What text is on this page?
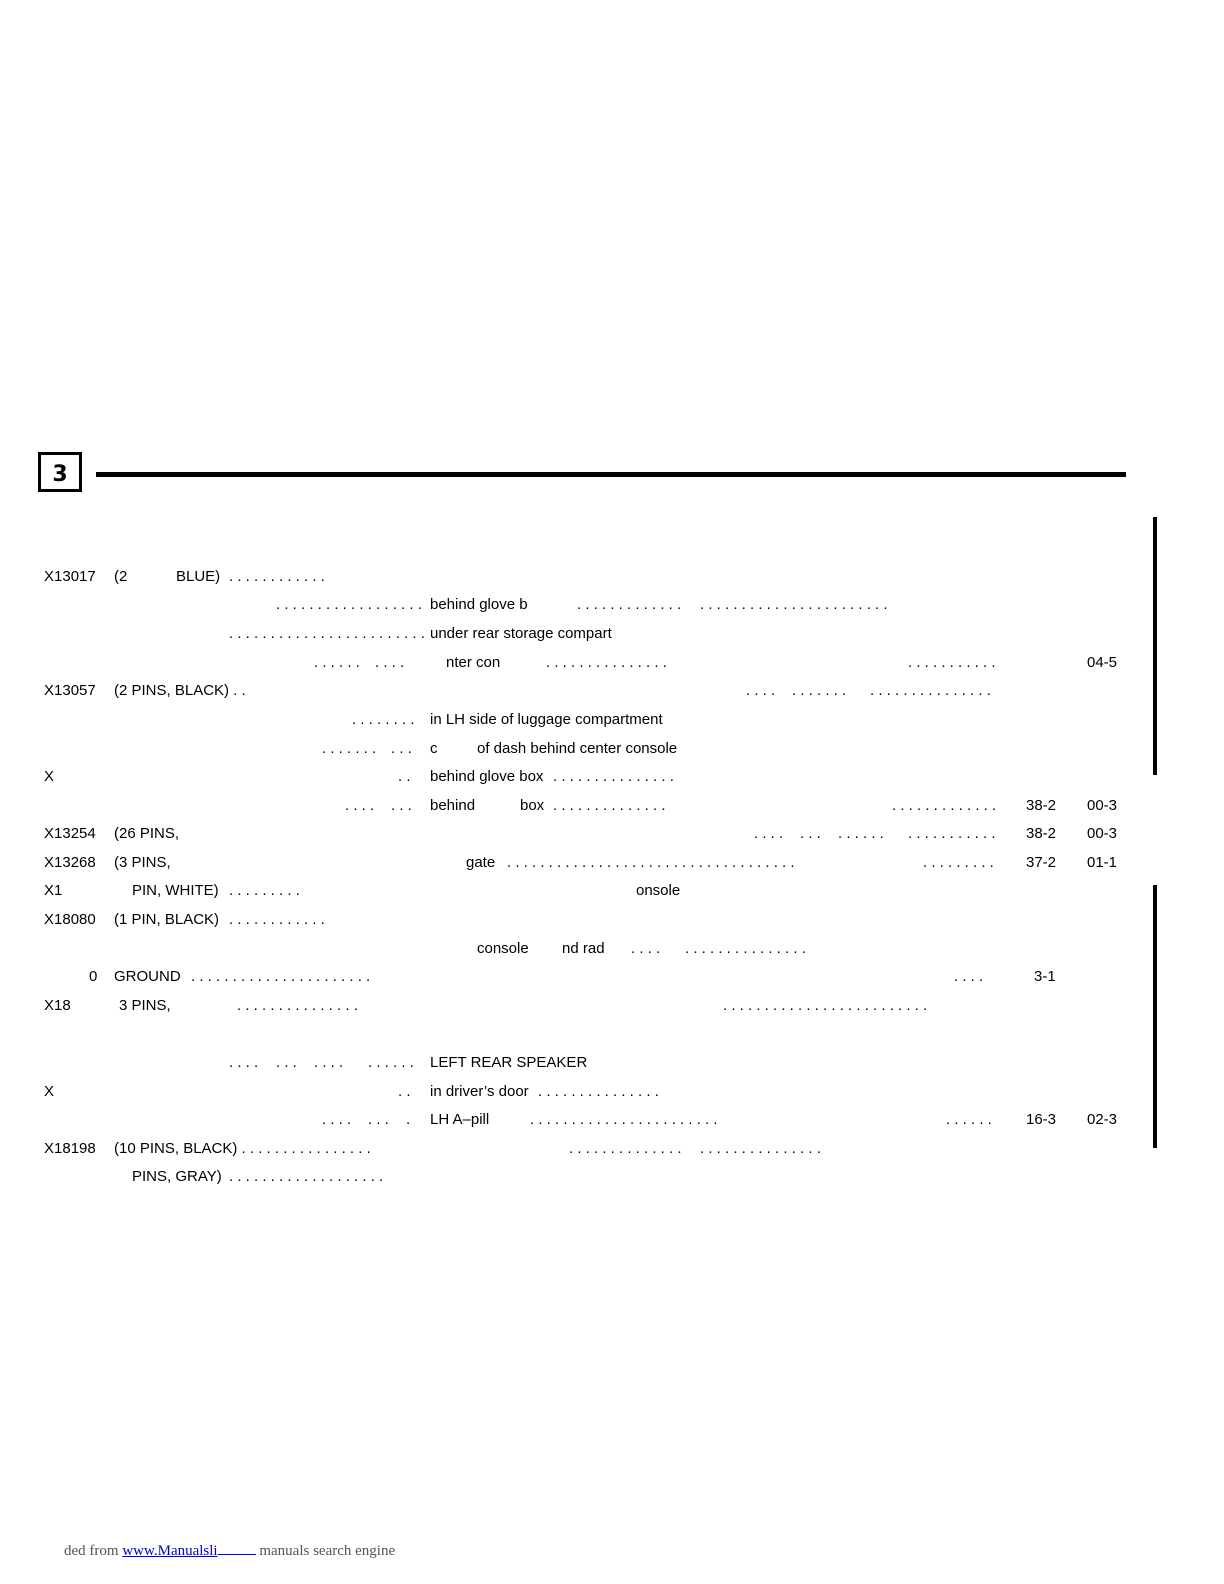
3
X13017 (2	BLUE) . . . . . . . . . . . .
. . . . . . . . . . . . . . . . . . behind glove b	. . . . . . . . . . . . . . . . . . . . . . . . . . . . . . . . . . . .
. . . . . . . . . . . . . . . . . . . . . . . . under rear storage compart
. . . . . . . . . .	nter con	. . . . . . . . . . . . . . .	. . . . . . . . . . .	04-5
X13057 (2 PINS, BLACK) . .	. . . . . . . . . . . . . . . . . . . . . . . . . .
. . . . . . . . in LH side of luggage compartment
. . . . . . . . . . c	of dash behind center console
X	. . behind glove box . . . . . . . . . . . . . . .
. . . . . . . behind	box . . . . . . . . . . . . . .	. . . . . . . . . . . . . 38-2 00-3
X13254 (26 PINS,	. . . . . . . . . . . . . . . . . . . . . . . . 38-2 00-3
X13268 (3 PINS,	gate . . . . . . . . . . . . . . . . . . . . . . . . . . . . . . . . . . .	. . . . . . . . . 37-2 01-1
X1	PIN, WHITE) . . . . . . . . .	onsole
X18080 (1 PIN, BLACK) . . . . . . . . . . . .
console nd rad . . . . . . . . . . . . . . . . . . .
0 GROUND . . . . . . . . . . . . . . . . . . . . . .	. . . .	3-1
X18	3 PINS,	. . . . . . . . . . . . . . .	. . . . . . . . . . . . . . . . . . . . . . . . .
. . . . . . . . . . . . . . . . . LEFT REAR SPEAKER
X	. . in driver’s door . . . . . . . . . . . . . . .
. . . . . . . . LH A–pill	. . . . . . . . . . . . . . . . . . . . . . .	. . . . . . 16-3 02-3
X18198 (10 PINS, BLACK) . . . . . . . . . . . . . . . .	. . . . . . . . . . . . . . . . . . . . . . . . . . . . .
PINS, GRAY) . . . . . . . . . . . . . . . . . . .
ded from www.Manualsli	manuals search engine
